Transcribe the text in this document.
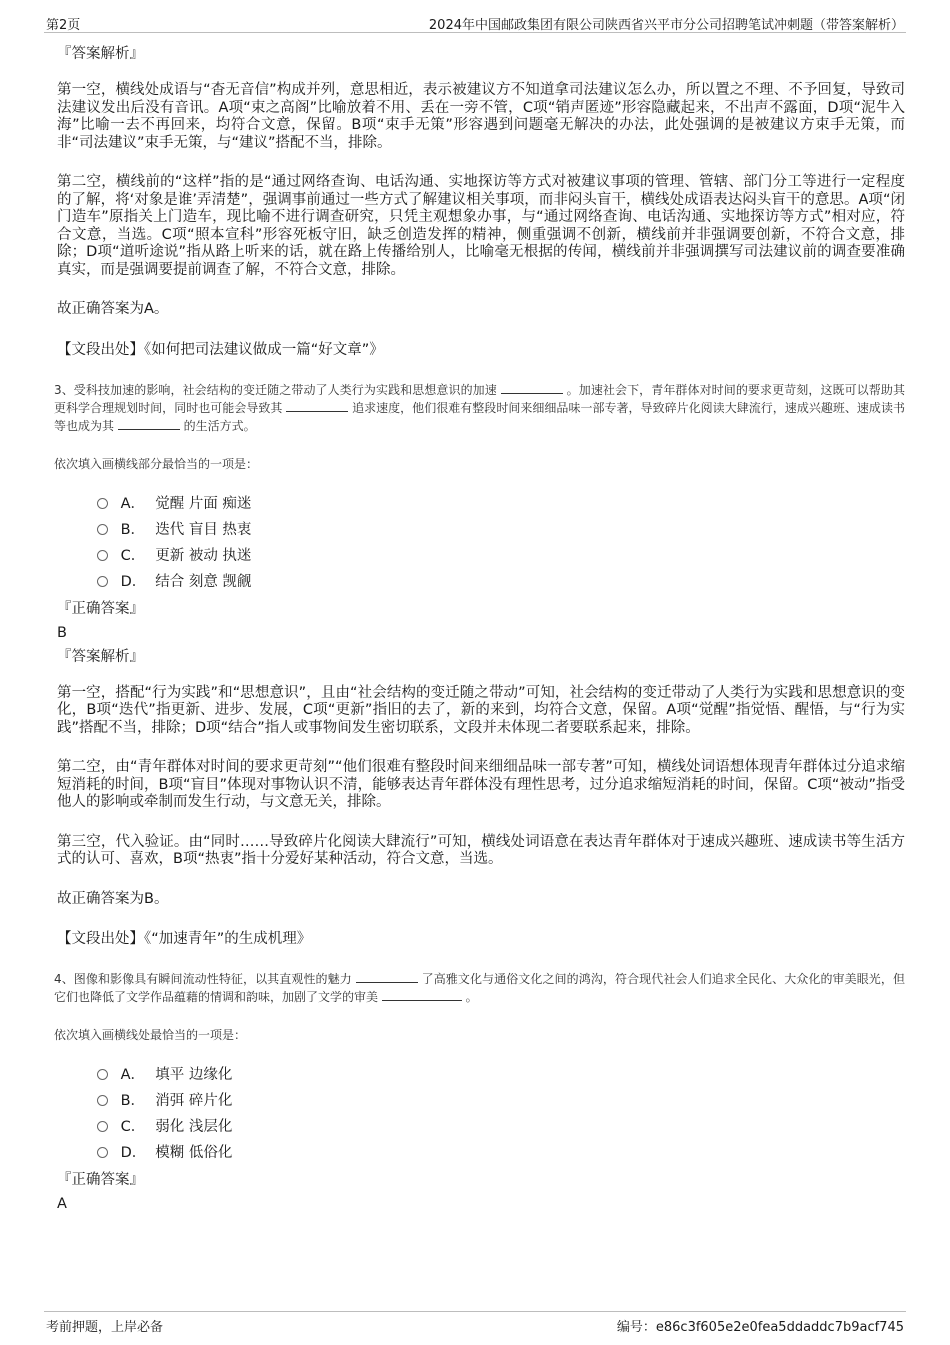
第2页	2024年中国邮政集团有限公司陕西省兴平市分公司招聘笔试冲刺题（带答案解析）
『答案解析』

第一空，横线处成语与“杳无音信”构成并列，意思相近，表示被建议方不知道拿司法建议怎么办，所以置之不理、不予回复，导致司法建议发出后没有音讯。A项“束之高阁”比喻放着不用、丢在一旁不管，C项“销声匿迹”形容隐藏起来，不出声不露面，D项“泥牛入海”比喻一去不再回来，均符合文意，保留。B项“束手无策”形容遇到问题毫无解决的办法，此处强调的是被建议方束手无策，而非“司法建议”束手无策，与“建议”搭配不当，排除。

第二空，横线前的“这样”指的是“通过网络查询、电话沟通、实地探访等方式对被建议事项的管理、管辖、部门分工等进行一定程度的了解，将‘对象是谁’弄清楚”，强调事前通过一些方式了解建议相关事项，而非闷头盲干，横线处成语表达闷头盲干的意思。A项“闭门造车”原指关上门造车，现比喻不进行调查研究，只凭主观想象办事，与“通过网络查询、电话沟通、实地探访等方式”相对应，符合文意，当选。C项“照本宣科”形容死板守旧，缺乏创造发挥的精神，侧重强调不创新，横线前并非强调要创新，不符合文意，排除；D项“道听途说”指从路上听来的话，就在路上传播给别人，比喻毫无根据的传闻，横线前并非强调撰写司法建议前的调查要准确真实，而是强调要提前调查了解，不符合文意，排除。

故正确答案为A。

【文段出处】《如何把司法建议做成一篇“好文章”》

3、受科技加速的影响，社会结构的变迁随之带动了人类行为实践和思想意识的加速	。加速社会下，青年群体对时间的要求更苛刻，这既可以帮助其更科学合理规划时间，同时也可能会导致其	追求速度，他们很难有整段时间来细细品味一部专著，导致碎片化阅读大肆流行，速成兴趣班、速成读书等也成为其	的生活方式。

依次填入画横线部分最恰当的一项是：

A． 觉醒 片面 痴迷
B． 迭代 盲目 热衷
C． 更新 被动 执迷
D． 结合 刻意 觊觎
『正确答案』
B
『答案解析』

第一空，搭配“行为实践”和“思想意识”，且由“社会结构的变迁随之带动”可知，社会结构的变迁带动了人类行为实践和思想意识的变化，B项“迭代”指更新、进步、发展，C项“更新”指旧的去了，新的来到，均符合文意，保留。A项“觉醒”指觉悟、醒悟，与“行为实践”搭配不当，排除；D项“结合”指人或事物间发生密切联系，文段并未体现二者要联系起来，排除。

第二空，由“青年群体对时间的要求更苛刻”“他们很难有整段时间来细细品味一部专著”可知，横线处词语想体现青年群体过分追求缩短消耗的时间，B项“盲目”体现对事物认识不清，能够表达青年群体没有理性思考，过分追求缩短消耗的时间，保留。C项“被动”指受他人的影响或牵制而发生行动，与文意无关，排除。

第三空，代入验证。由“同时……导致碎片化阅读大肆流行”可知，横线处词语意在表达青年群体对于速成兴趣班、速成读书等生活方式的认可、喜欢，B项“热衷”指十分爱好某种活动，符合文意，当选。

故正确答案为B。

【文段出处】《“加速青年”的生成机理》

4、图像和影像具有瞬间流动性特征，以其直观性的魅力	了高雅文化与通俗文化之间的鸿沟，符合现代社会人们追求全民化、大众化的审美眼光，但它们也降低了文学作品蕴藉的情调和韵味，加剧了文学的审美	。

依次填入画横线处最恰当的一项是：

A． 填平 边缘化
B． 消弭 碎片化
C． 弱化 浅层化
D． 模糊 低俗化
『正确答案』
A
考前押题，上岸必备	编号：e86c3f605e2e0fea5ddaddc7b9acf745
